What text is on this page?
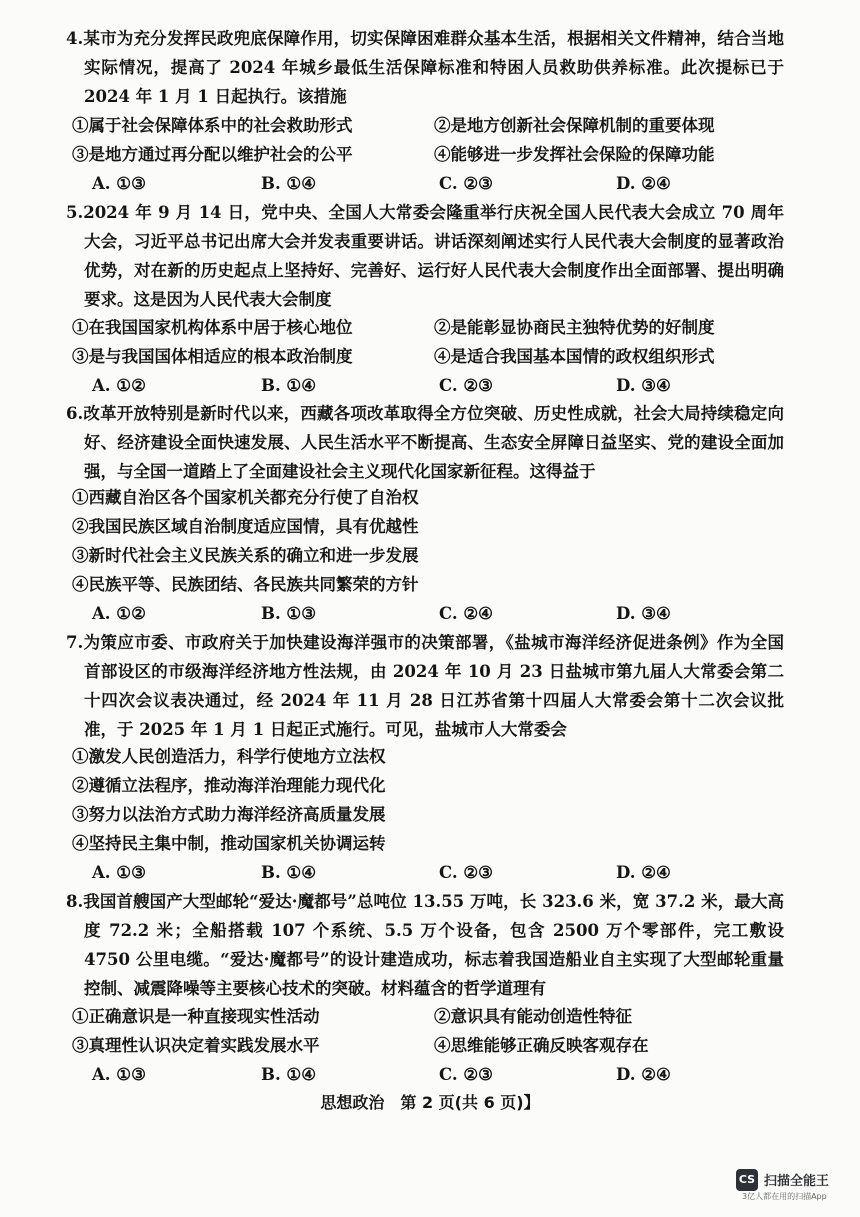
4.某市为充分发挥民政兜底保障作用，切实保障困难群众基本生活，根据相关文件精神，结合当地实际情况，提高了 2024 年城乡最低生活保障标准和特困人员救助供养标准。此次提标已于 2024 年 1 月 1 日起执行。该措施
①属于社会保障体系中的社会救助形式	②是地方创新社会保障机制的重要体现
③是地方通过再分配以维护社会的公平	④能够进一步发挥社会保险的保障功能
A. ①③	B. ①④	C. ②③	D. ②④
5.2024 年 9 月 14 日，党中央、全国人大常委会隆重举行庆祝全国人民代表大会成立 70 周年大会，习近平总书记出席大会并发表重要讲话。讲话深刻阐述实行人民代表大会制度的显著政治优势，对在新的历史起点上坚持好、完善好、运行好人民代表大会制度作出全面部署、提出明确要求。这是因为人民代表大会制度
①在我国国家机构体系中居于核心地位	②是能彰显协商民主独特优势的好制度
③是与我国国体相适应的根本政治制度	④是适合我国基本国情的政权组织形式
A. ①②	B. ①④	C. ②③	D. ③④
6.改革开放特别是新时代以来，西藏各项改革取得全方位突破、历史性成就，社会大局持续稳定向好、经济建设全面快速发展、人民生活水平不断提高、生态安全屏障日益坚实、党的建设全面加强，与全国一道踏上了全面建设社会主义现代化国家新征程。这得益于
①西藏自治区各个国家机关都充分行使了自治权
②我国民族区域自治制度适应国情，具有优越性
③新时代社会主义民族关系的确立和进一步发展
④民族平等、民族团结、各民族共同繁荣的方针
A. ①②	B. ①③	C. ②④	D. ③④
7.为策应市委、市政府关于加快建设海洋强市的决策部署，《盐城市海洋经济促进条例》作为全国首部设区的市级海洋经济地方性法规，由 2024 年 10 月 23 日盐城市第九届人大常委会第二十四次会议表决通过，经 2024 年 11 月 28 日江苏省第十四届人大常委会第十二次会议批准，于 2025 年 1 月 1 日起正式施行。可见，盐城市人大常委会
①激发人民创造活力，科学行使地方立法权
②遵循立法程序，推动海洋治理能力现代化
③努力以法治方式助力海洋经济高质量发展
④坚持民主集中制，推动国家机关协调运转
A. ①③	B. ①④	C. ②③	D. ②④
8.我国首艘国产大型邮轮“爱达·魔都号”总吨位 13.55 万吨，长 323.6 米，宽 37.2 米，最大高度 72.2 米；全船搭载 107 个系统、5.5 万个设备，包含 2500 万个零部件，完工敷设 4750 公里电缆。“爱达·魔都号”的设计建造成功，标志着我国造船业自主实现了大型邮轮重量控制、减震降噪等主要核心技术的突破。材料蕴含的哲学道理有
①正确意识是一种直接现实性活动	②意识具有能动创造性特征
③真理性认识决定着实践发展水平	④思维能够正确反映客观存在
A. ①③	B. ①④	C. ②③	D. ②④
思想政治　第 2 页(共 6 页)】
CS 扫描全能王
3亿人都在用的扫描App
